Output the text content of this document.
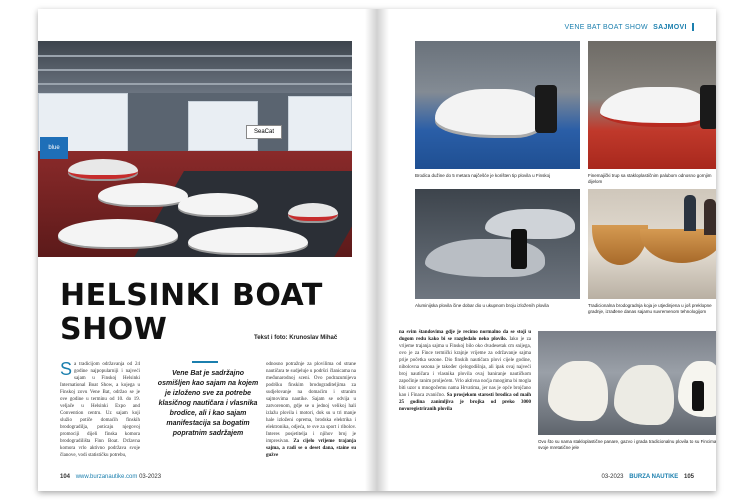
blue
SeaCat
HELSINKI BOAT
SHOW	Tekst i foto: Krunoslav Mihač
S a tradicijom održavanja od 24 godine najpopularniji i najveći sajam u Finskoj Helsinki International Boat Show, a kojega u Finskoj zovu Vene Bat, održao se je ove godine u terminu od 10. do 19. veljače u Helsinki Expo and Convention centru. Uz sajam koji služio potiče domaćih finskih brodogradilja, poticaju njegovoj promociji dijeli finska komora brodogradilišta Finn Boat. Državna komora vrlo aktivno podržava svoje članove, vodi statističku potrebu,
Vene Bat je sadržajno osmišljen kao sajam na kojem je izloženo sve za potrebe klasičnog nautičara i vlasnika brodice, ali i kao sajam manifestacija sa bogatim popratnim sadržajem
odnosno potražnje za plovilima od strane nautičara te sudjeluje u podršci članicama na međunarodnoj sceni. Ovo podrazumijeva podršku finskim brodograditeljima za sudjelovanje na domaćim i stranim sajmovima nautike. Sajam se odvija u zatvorenom, gdje se u jednoj velikoj hali izlažu plovila i motori, dok su u tri manje hale izloženi oprema, brodska elektrika i elektronika, odjeća, te sve za sport i ribolov. Interes posjetitelja i njihov broj je impresivan. Za cijelo vrijeme trajanja sajma, a radi se o deset dana, staine su gužve
104 www.burzanautike.com 03-2023
VENE BAT BOAT SHOW SAJMOVI
Brodica dužine do 5 metara najčešće je korišten tip plovila u Finskoj	Finemajički trup sa stakloplastičnim palubom odnosno gornjim dijelom
Aluminijska plovila čine dobar dio u ukupnom broju izloženih plovila	Tradicionalna brodogradnja koja je utjedinjena u još preklopne gradnje, izrađene danas sajamu suvremenom tehnologijom
na svim štandovima gdje je recimo normalno da se stoji u dugom redu kako bi se razgledalo neko plovilo. Iako je za vrijeme trajanja sajma u Finskoj bilo oko dvadesetak cm snijega, ovo je za Fince termički krajnje vrijeme za održavanje sajma prije početka sezone. Dio finskih nautičara plovi cijele godine, nibolovna sezona je također cjelogodišnja, ali ipak ovaj najveći broj nautičara i vlasnika plovila ovaj baniranje nautičkom započinje ranim proljećem. Vrlo aktivna noćja mnogima bi mogla biti uzor u mnogočemu nama Hrvatima, jer nas je opće brojčano kao i Finaca zvanično. Sa prosjekom starosti brodica od maih 25 godina zanimljiva je brojka od preko 3000 novoregistriranih plovila
Ovo što su nama stakloplastične panare, gazvo i grada tradicionalnu plovila to su Fincima svoje mretatične jele
03-2023 BURZA NAUTIKE 105
